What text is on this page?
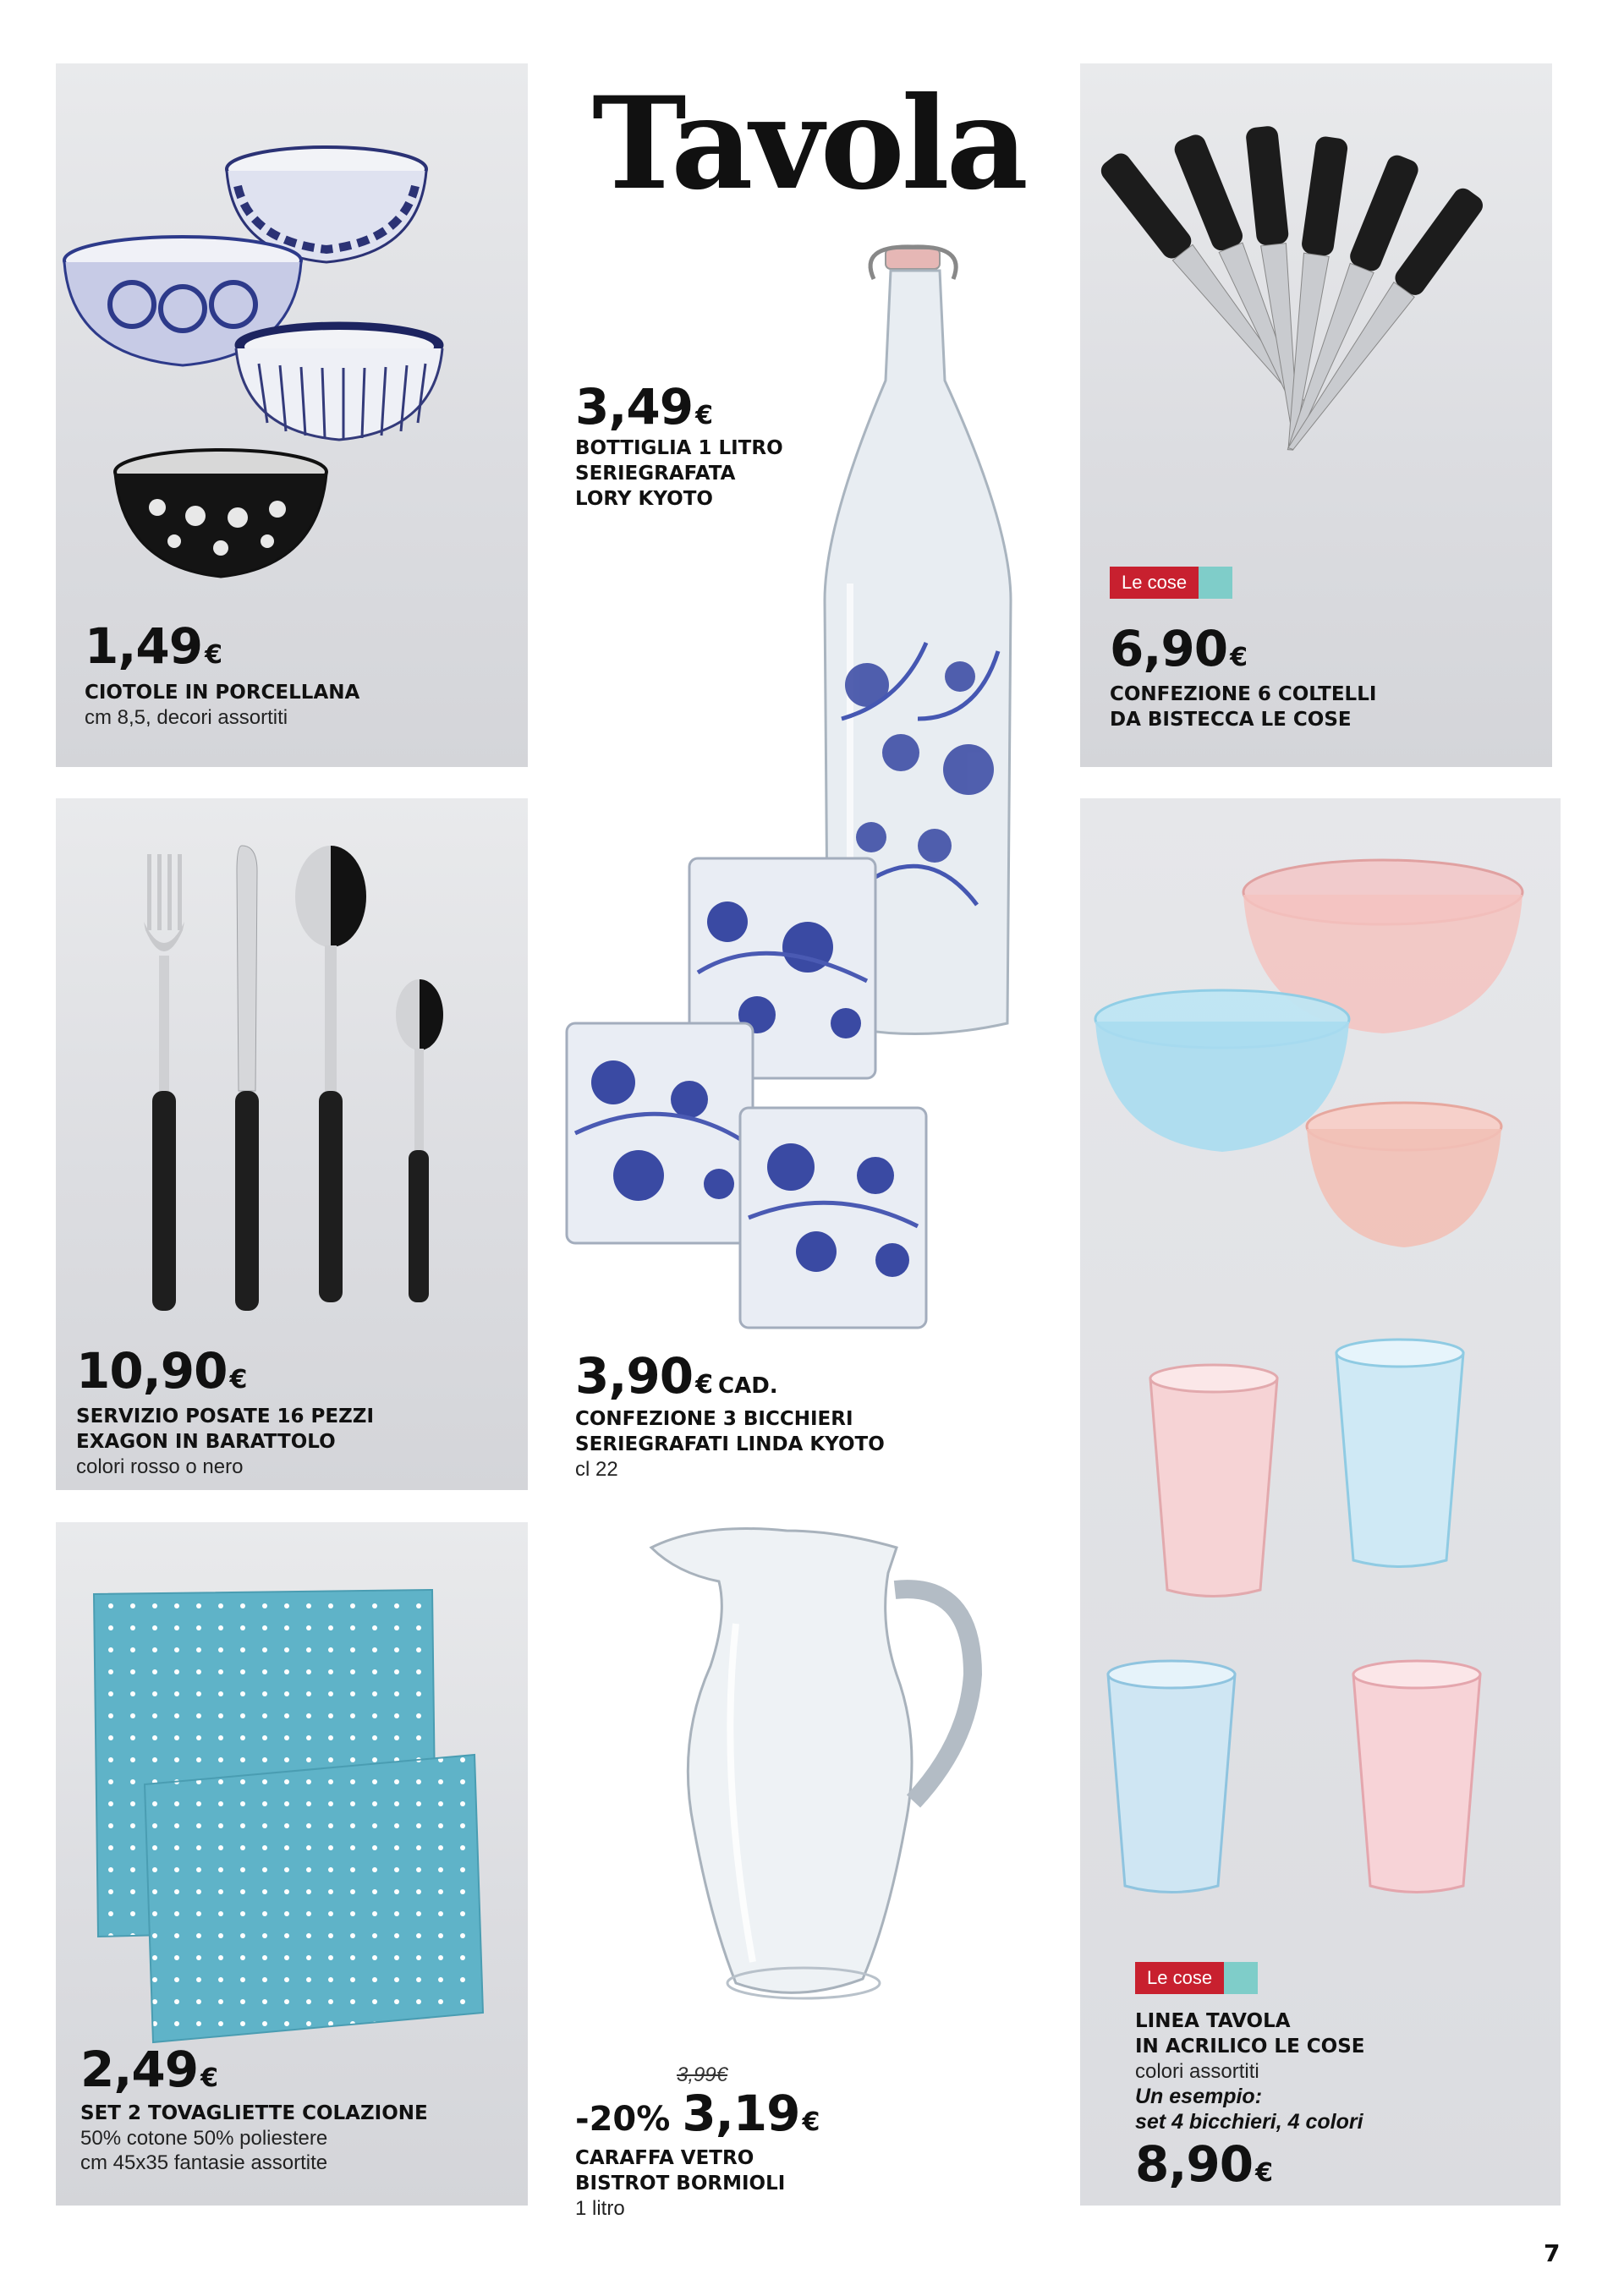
Tavola
1,49 €
CIOTOLE IN PORCELLANA
cm 8,5, decori assortiti
3,49 €
BOTTIGLIA 1 LITRO
SERIEGRAFATA
LORY KYOTO
Le cose
6,90 €
CONFEZIONE 6 COLTELLI
DA BISTECCA LE COSE
10,90 €
SERVIZIO POSATE 16 PEZZI
EXAGON IN BARATTOLO
colori rosso o nero
3,90 € CAD.
CONFEZIONE 3 BICCHIERI
SERIEGRAFATI LINDA KYOTO
cl 22
2,49 €
SET 2 TOVAGLIETTE COLAZIONE
50% cotone 50% poliestere
cm 45x35 fantasie assortite
3,99€
-20% 3,19 €
CARAFFA VETRO
BISTROT BORMIOLI
1 litro
Le cose
LINEA TAVOLA
IN ACRILICO LE COSE
colori assortiti
Un esempio:
set 4 bicchieri, 4 colori
8,90 €
7
